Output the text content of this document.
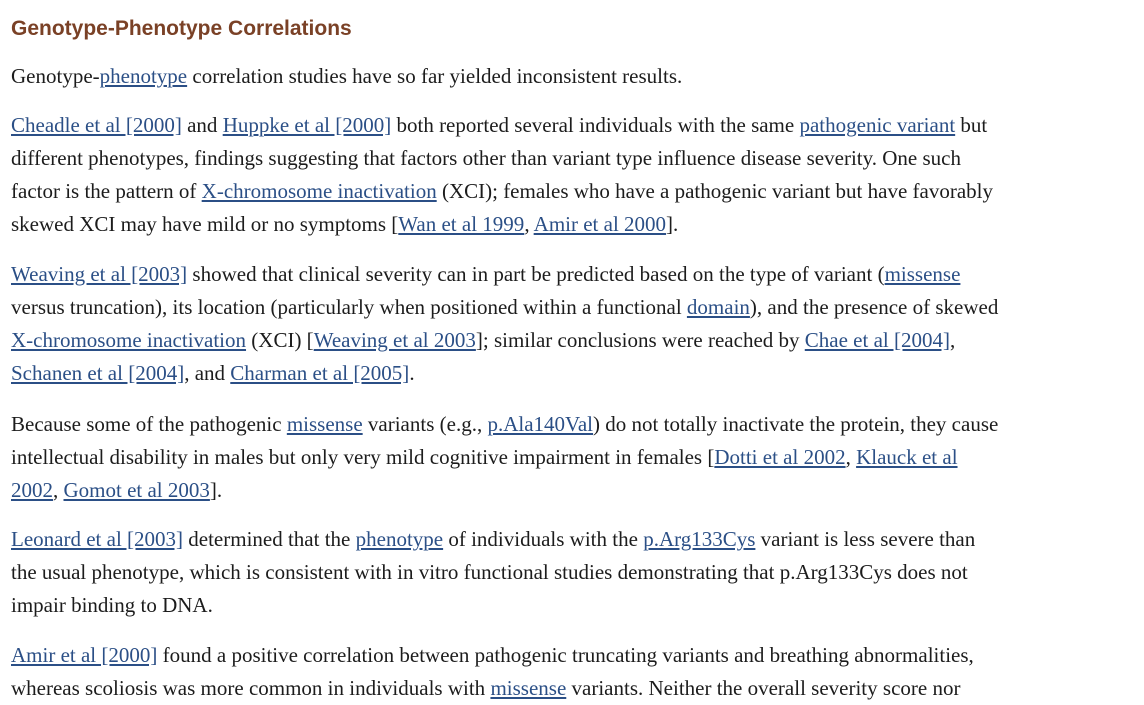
Genotype-Phenotype Correlations

Genotype-phenotype correlation studies have so far yielded inconsistent results.

Cheadle et al [2000] and Huppke et al [2000] both reported several individuals with the same pathogenic variant but
different phenotypes, findings suggesting that factors other than variant type influence disease severity. One such
factor is the pattern of X-chromosome inactivation (XCI); females who have a pathogenic variant but have favorably
skewed XCI may have mild or no symptoms [Wan et al 1999, Amir et al 2000].

Weaving et al [2003] showed that clinical severity can in part be predicted based on the type of variant (missense
versus truncation), its location (particularly when positioned within a functional domain), and the presence of skewed
X-chromosome inactivation (XCI) [Weaving et al 2003]; similar conclusions were reached by Chae et al [2004],
Schanen et al [2004], and Charman et al [2005].

Because some of the pathogenic missense variants (e.g., p.Ala140Val) do not totally inactivate the protein, they cause
intellectual disability in males but only very mild cognitive impairment in females [Dotti et al 2002, Klauck et al
2002, Gomot et al 2003].

Leonard et al [2003] determined that the phenotype of individuals with the p.Arg133Cys variant is less severe than
the usual phenotype, which is consistent with in vitro functional studies demonstrating that p.Arg133Cys does not
impair binding to DNA.

Amir et al [2000] found a positive correlation between pathogenic truncating variants and breathing abnormalities,
whereas scoliosis was more common in individuals with missense variants. Neither the overall severity score nor
